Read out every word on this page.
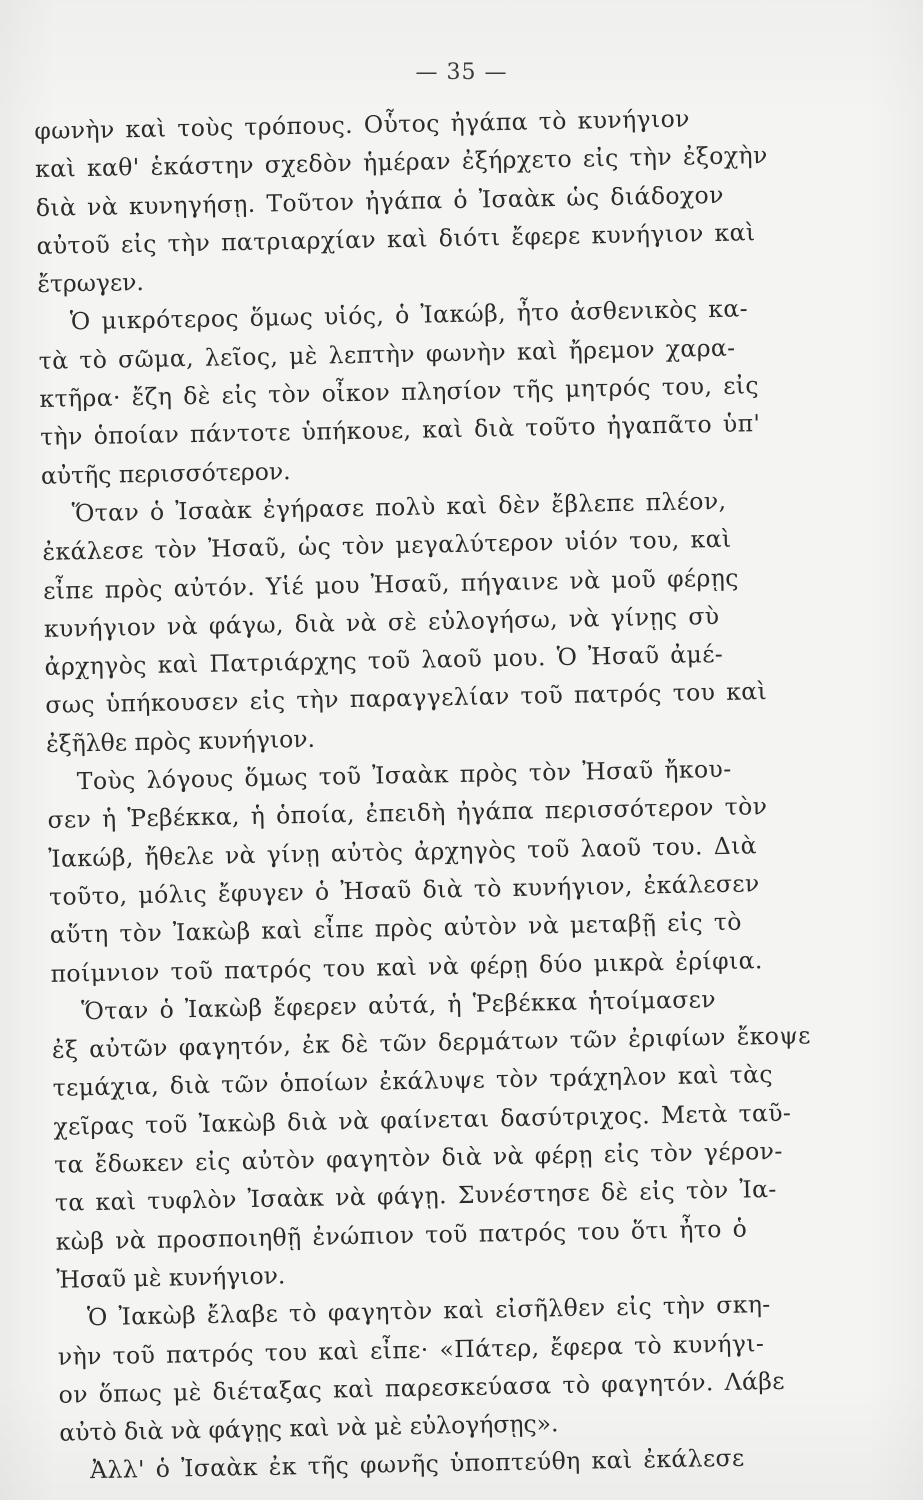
— 35 —
φωνὴν καὶ τοὺς τρόπους. Οὗτος ἠγάπα τὸ κυνήγιον
καὶ καθ' ἑκάστην σχεδὸν ἡμέραν ἐξήρχετο εἰς τὴν ἐξοχὴν
διὰ νὰ κυνηγήσῃ. Τοῦτον ἠγάπα ὁ Ἰσαὰκ ὡς διάδοχον
αὐτοῦ εἰς τὴν πατριαρχίαν καὶ διότι ἔφερε κυνήγιον καὶ
ἔτρωγεν.
Ὁ μικρότερος ὅμως υἱός, ὁ Ἰακώβ, ἦτο ἀσθενικὸς κα-
τὰ τὸ σῶμα, λεῖος, μὲ λεπτὴν φωνὴν καὶ ἤρεμον χαρα-
κτῆρα· ἔζη δὲ εἰς τὸν οἶκον πλησίον τῆς μητρός του, εἰς
τὴν ὁποίαν πάντοτε ὑπήκουε, καὶ διὰ τοῦτο ἠγαπᾶτο ὑπ'
αὐτῆς περισσότερον.
Ὅταν ὁ Ἰσαὰκ ἐγήρασε πολὺ καὶ δὲν ἔβλεπε πλέον,
ἐκάλεσε τὸν Ἠσαῦ, ὡς τὸν μεγαλύτερον υἱόν του, καὶ
εἶπε πρὸς αὐτόν. Υἱέ μου Ἠσαῦ, πήγαινε νὰ μοῦ φέρῃς
κυνήγιον νὰ φάγω, διὰ νὰ σὲ εὐλογήσω, νὰ γίνῃς σὺ
ἀρχηγὸς καὶ Πατριάρχης τοῦ λαοῦ μου. Ὁ Ἠσαῦ ἀμέ-
σως ὑπήκουσεν εἰς τὴν παραγγελίαν τοῦ πατρός του καὶ
ἐξῆλθε πρὸς κυνήγιον.
Τοὺς λόγους ὅμως τοῦ Ἰσαὰκ πρὸς τὸν Ἠσαῦ ἤκου-
σεν ἡ Ῥεβέκκα, ἡ ὁποία, ἐπειδὴ ἠγάπα περισσότερον τὸν
Ἰακώβ, ἤθελε νὰ γίνῃ αὐτὸς ἀρχηγὸς τοῦ λαοῦ του. Διὰ
τοῦτο, μόλις ἔφυγεν ὁ Ἠσαῦ διὰ τὸ κυνήγιον, ἐκάλεσεν
αὕτη τὸν Ἰακὼβ καὶ εἶπε πρὸς αὐτὸν νὰ μεταβῇ εἰς τὸ
ποίμνιον τοῦ πατρός του καὶ νὰ φέρῃ δύο μικρὰ ἐρίφια.
Ὅταν ὁ Ἰακὼβ ἔφερεν αὐτά, ἡ Ῥεβέκκα ἡτοίμασεν
ἐξ αὐτῶν φαγητόν, ἐκ δὲ τῶν δερμάτων τῶν ἐριφίων ἔκοψε
τεμάχια, διὰ τῶν ὁποίων ἐκάλυψε τὸν τράχηλον καὶ τὰς
χεῖρας τοῦ Ἰακὼβ διὰ νὰ φαίνεται δασύτριχος. Μετὰ ταῦ-
τα ἔδωκεν εἰς αὐτὸν φαγητὸν διὰ νὰ φέρῃ εἰς τὸν γέρον-
τα καὶ τυφλὸν Ἰσαὰκ νὰ φάγῃ. Συνέστησε δὲ εἰς τὸν Ἰα-
κὼβ νὰ προσποιηθῇ ἐνώπιον τοῦ πατρός του ὅτι ἦτο ὁ
Ἠσαῦ μὲ κυνήγιον.
Ὁ Ἰακὼβ ἔλαβε τὸ φαγητὸν καὶ εἰσῆλθεν εἰς τὴν σκη-
νὴν τοῦ πατρός του καὶ εἶπε· «Πάτερ, ἔφερα τὸ κυνήγι-
ον ὅπως μὲ διέταξας καὶ παρεσκεύασα τὸ φαγητόν. Λάβε
αὐτὸ διὰ νὰ φάγῃς καὶ νὰ μὲ εὐλογήσῃς».
Ἀλλ' ὁ Ἰσαὰκ ἐκ τῆς φωνῆς ὑποπτεύθη καὶ ἐκάλεσε
